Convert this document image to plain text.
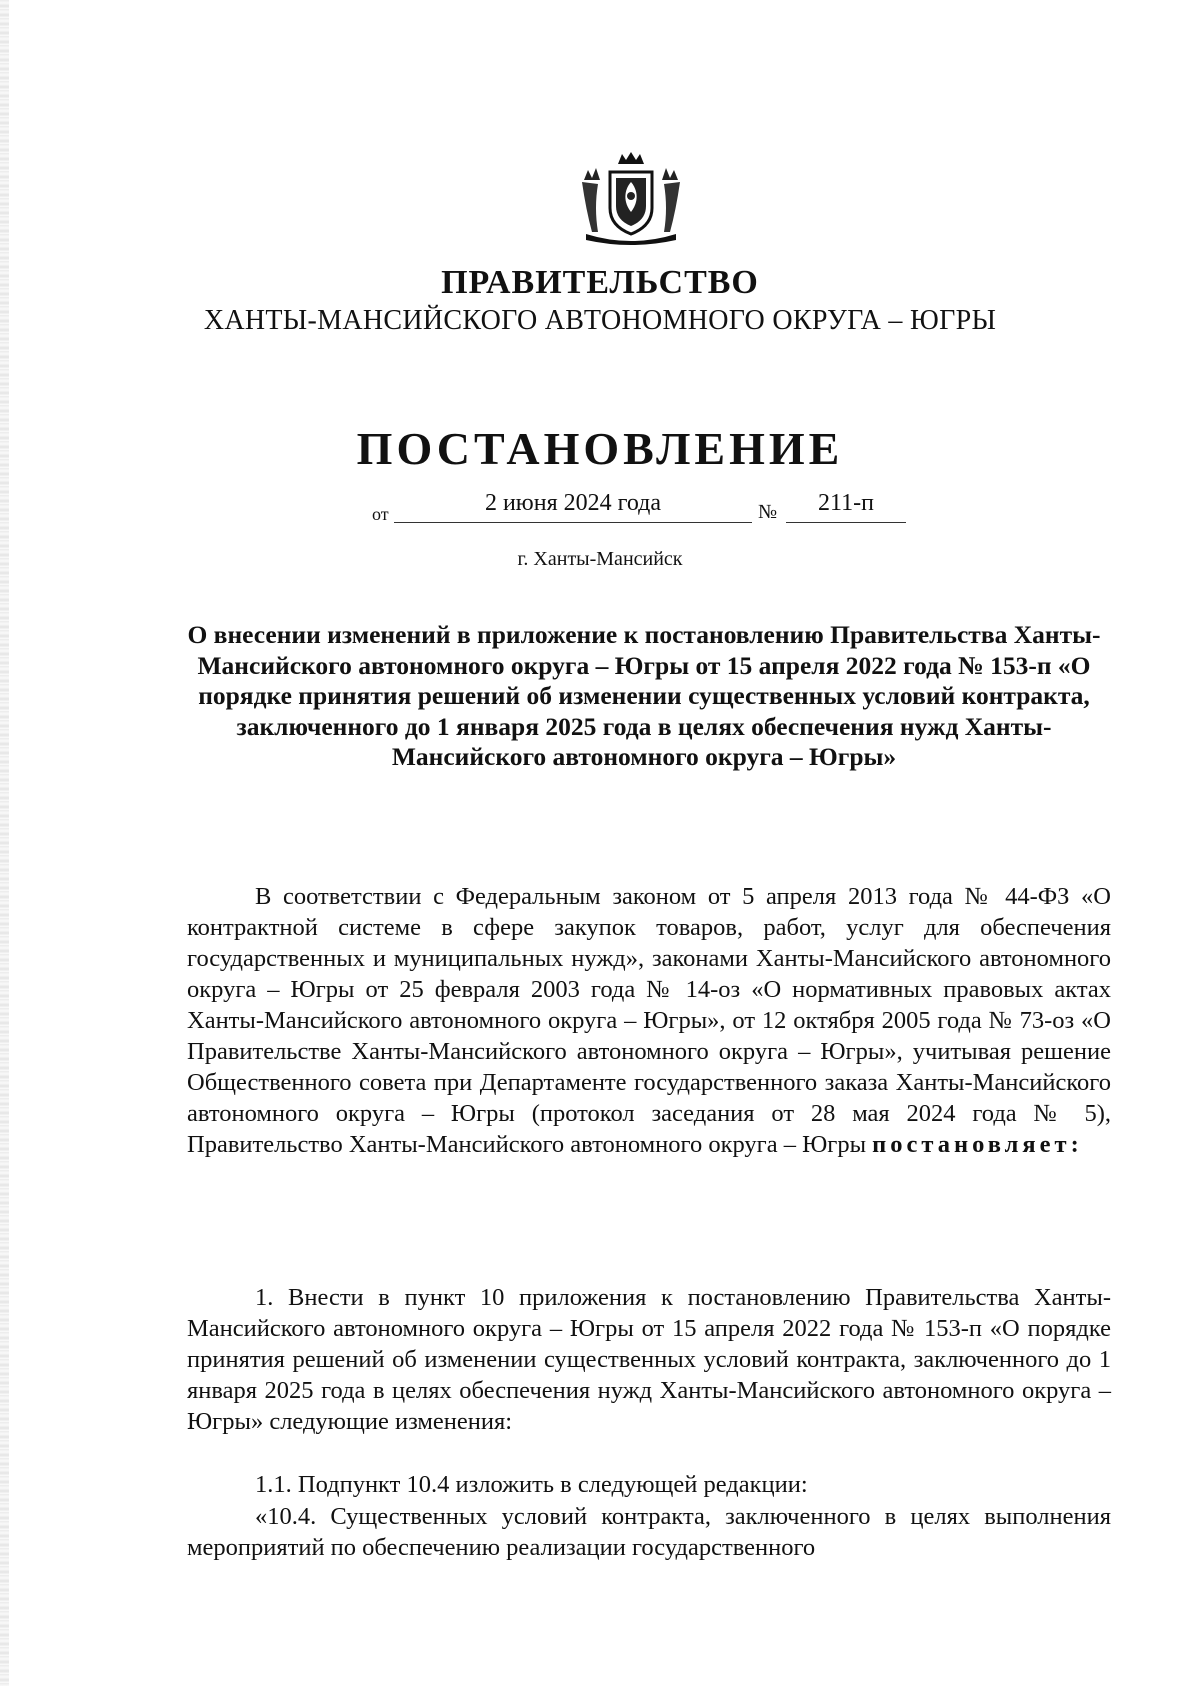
ПРАВИТЕЛЬСТВО
ХАНТЫ-МАНСИЙСКОГО АВТОНОМНОГО ОКРУГА – ЮГРЫ
ПОСТАНОВЛЕНИЕ
от	2 июня 2024 года	№	211-п
г. Ханты-Мансийск

О внесении изменений в приложение к постановлению Правительства Ханты-Мансийского автономного округа – Югры от 15 апреля 2022 года № 153-п «О порядке принятия решений об изменении существенных условий контракта, заключенного до 1 января 2025 года в целях обеспечения нужд Ханты-Мансийского автономного округа – Югры»

В соответствии с Федеральным законом от 5 апреля 2013 года № 44-ФЗ «О контрактной системе в сфере закупок товаров, работ, услуг для обеспечения государственных и муниципальных нужд», законами Ханты-Мансийского автономного округа – Югры от 25 февраля 2003 года № 14-оз «О нормативных правовых актах Ханты-Мансийского автономного округа – Югры», от 12 октября 2005 года № 73-оз «О Правительстве Ханты-Мансийского автономного округа – Югры», учитывая решение Общественного совета при Департаменте государственного заказа Ханты-Мансийского автономного округа – Югры (протокол заседания от 28 мая 2024 года № 5), Правительство Ханты-Мансийского автономного округа – Югры постановляет:

1. Внести в пункт 10 приложения к постановлению Правительства Ханты-Мансийского автономного округа – Югры от 15 апреля 2022 года № 153-п «О порядке принятия решений об изменении существенных условий контракта, заключенного до 1 января 2025 года в целях обеспечения нужд Ханты-Мансийского автономного округа – Югры» следующие изменения:

1.1. Подпункт 10.4 изложить в следующей редакции:

«10.4. Существенных условий контракта, заключенного в целях выполнения мероприятий по обеспечению реализации государственного
